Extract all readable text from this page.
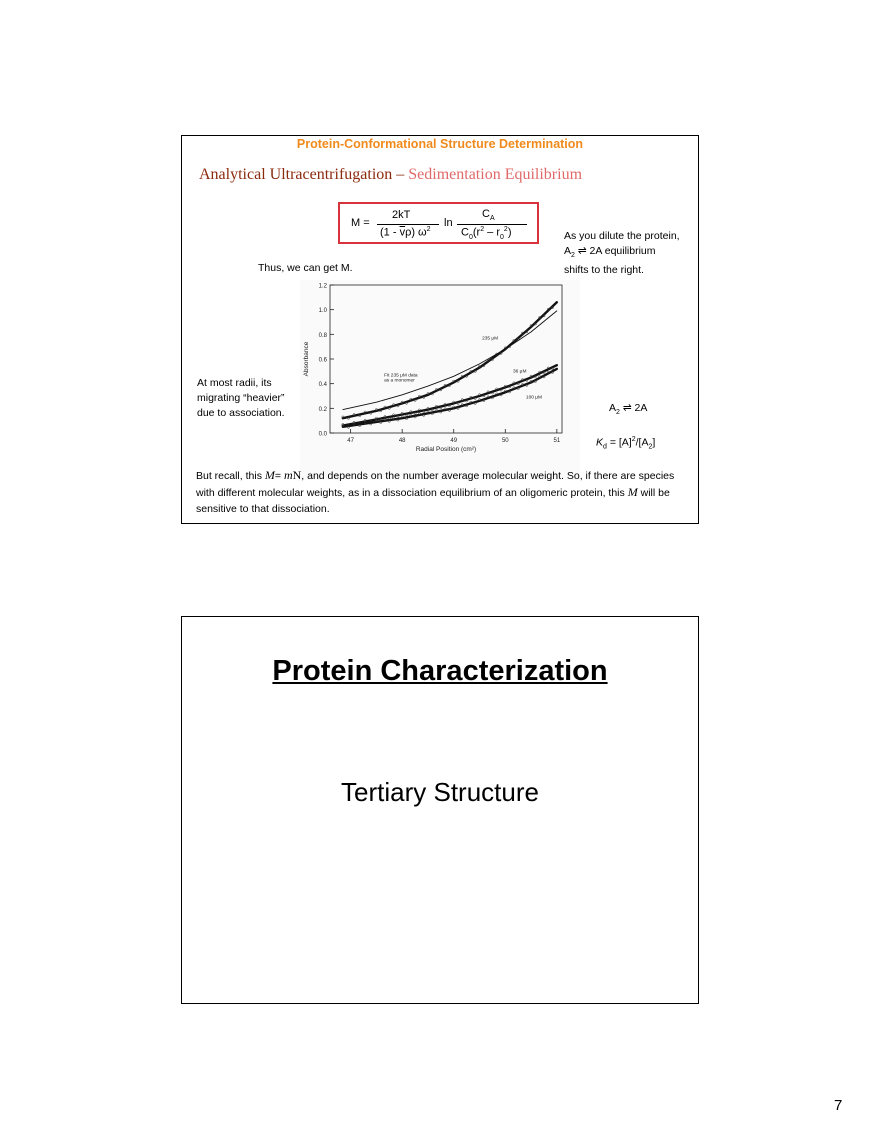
Protein-Conformational Structure Determination
Analytical Ultracentrifugation – Sedimentation Equilibrium
M =
2kT
$(1 - \overline{v}\rho)$ $\omega^2$
ln
$C_A$
$C_0(r^2 - r_0^2)$
Thus, we can get M.
As you dilute the protein,
$A_2$ ⇌ 2A equilibrium
shifts to the right.
At most radii, its
migrating “heavier”
due to association.	$A_2$ ⇌ 2A
$K_d = [A]^2/[A_2]$
0.0
0.2
0.4
0.6
0.8
1.0
1.2
47	48	49	50	51
Radial Position (cm²)
Absorbance
235 μM
36 μM
100 μM
Fit 235 μM data as a monomer
But recall, this M= mN, and depends on the number average molecular weight. So, if there are species with different molecular weights, as in a dissociation equilibrium of an oligomeric protein, this M will be sensitive to that dissociation.
Protein Characterization
Tertiary Structure
7
